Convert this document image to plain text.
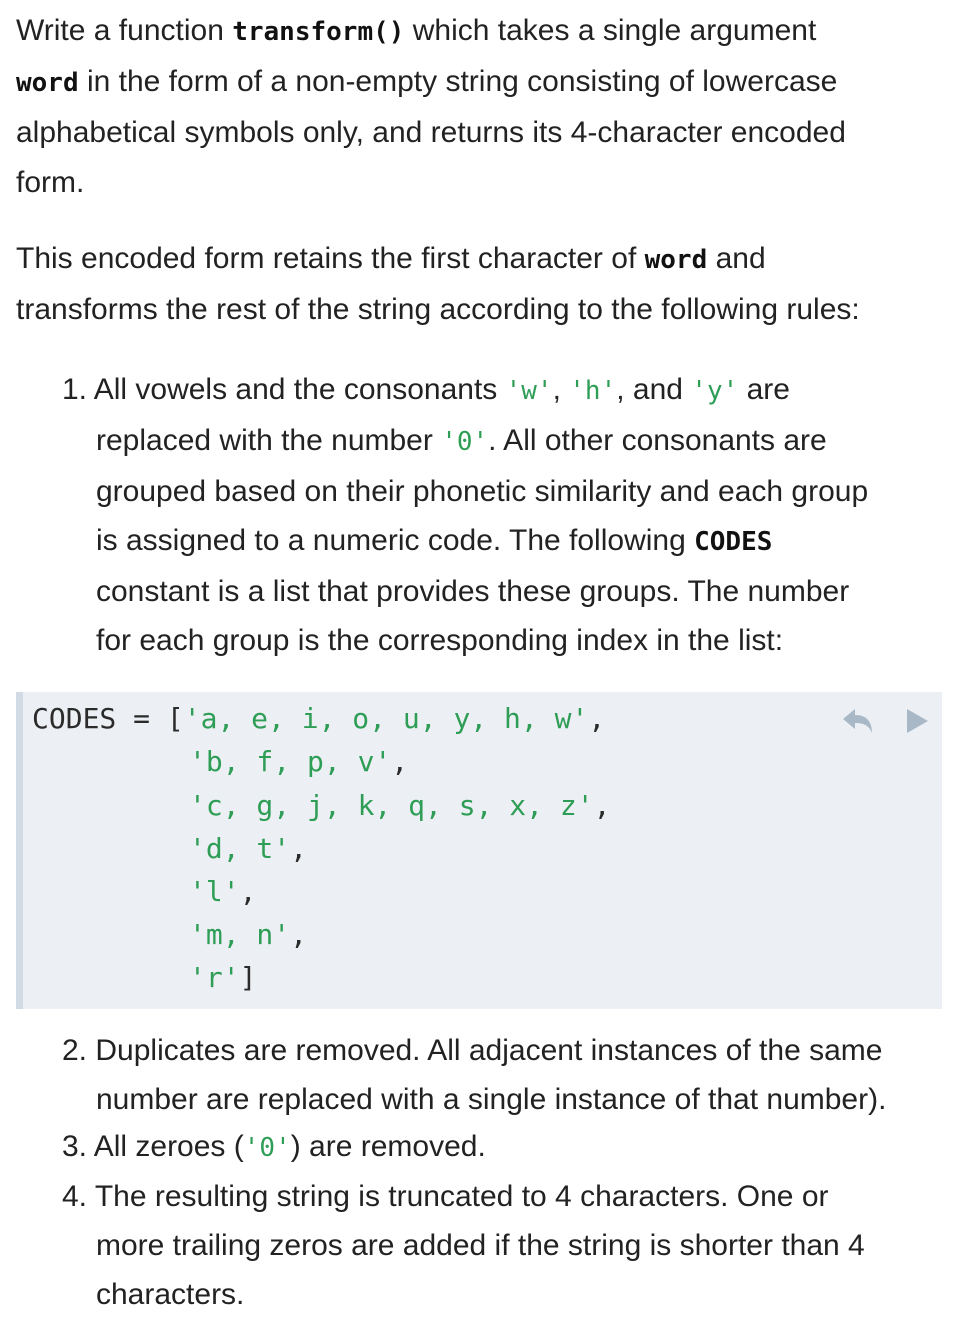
Write a function transform() which takes a single argument
word in the form of a non-empty string consisting of lowercase
alphabetical symbols only, and returns its 4-character encoded
form.

This encoded form retains the first character of word and
transforms the rest of the string according to the following rules:

1. All vowels and the consonants 'w', 'h', and 'y' are
replaced with the number '0'. All other consonants are
grouped based on their phonetic similarity and each group
is assigned to a numeric code. The following CODES
constant is a list that provides these groups. The number
for each group is the corresponding index in the list:
CODES = ['a, e, i, o, u, y, h, w',
'b, f, p, v',
'c, g, j, k, q, s, x, z',
'd, t',
'l',
'm, n',
'r']
2. Duplicates are removed. All adjacent instances of the same
number are replaced with a single instance of that number).
3. All zeroes ('0') are removed.
4. The resulting string is truncated to 4 characters. One or
more trailing zeros are added if the string is shorter than 4
characters.
